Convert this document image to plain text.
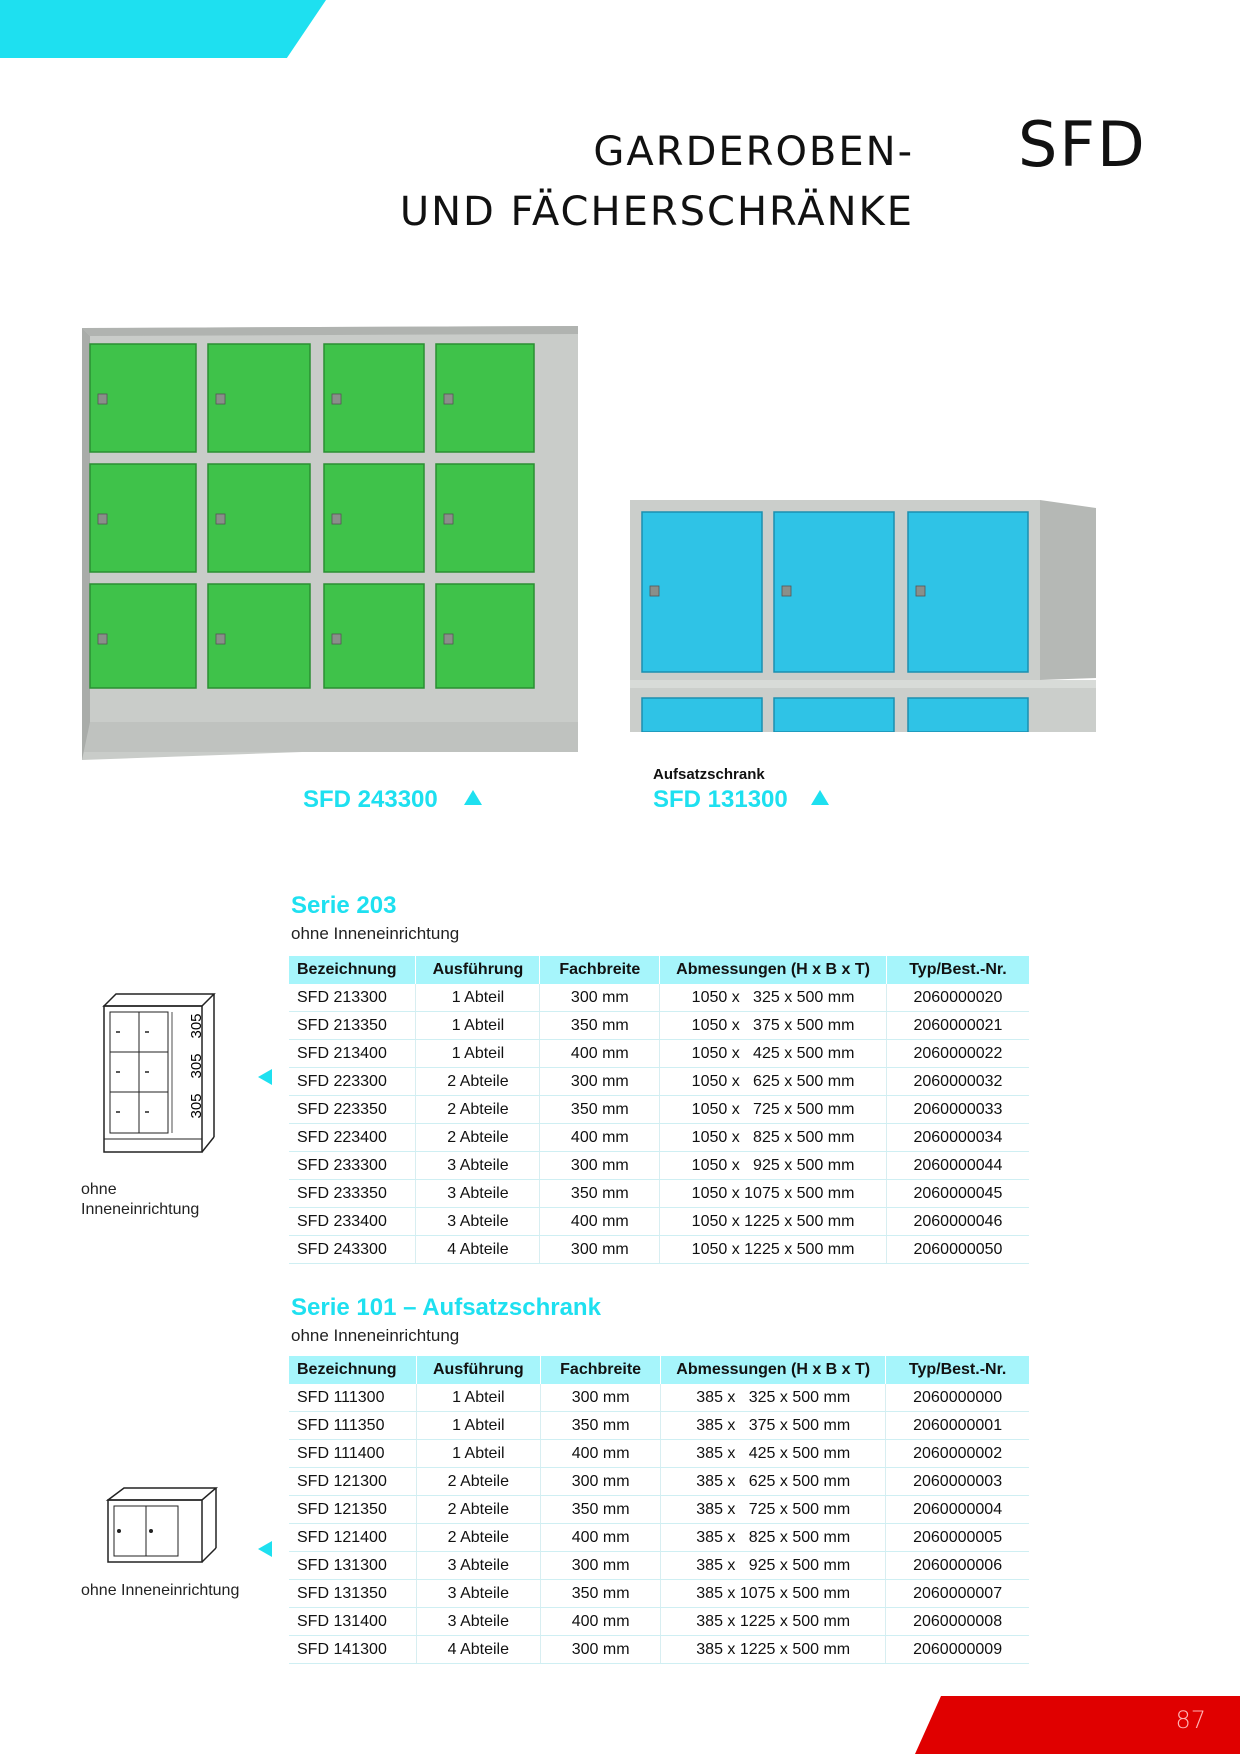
GARDEROBEN-
UND FÄCHERSCHRÄNKE
SFD
SFD 243300
Aufsatzschrank
SFD 131300
Serie 203
ohne Inneneinrichtung
305
305
305
ohne
Inneneinrichtung
Bezeichnung	Ausführung	Fachbreite	Abmessungen (H x B x T)	Typ/Best.-Nr.
SFD 213300	1 Abteil	300 mm	1050 x   325 x 500 mm	2060000020
SFD 213350	1 Abteil	350 mm	1050 x   375 x 500 mm	2060000021
SFD 213400	1 Abteil	400 mm	1050 x   425 x 500 mm	2060000022
SFD 223300	2 Abteile	300 mm	1050 x   625 x 500 mm	2060000032
SFD 223350	2 Abteile	350 mm	1050 x   725 x 500 mm	2060000033
SFD 223400	2 Abteile	400 mm	1050 x   825 x 500 mm	2060000034
SFD 233300	3 Abteile	300 mm	1050 x   925 x 500 mm	2060000044
SFD 233350	3 Abteile	350 mm	1050 x 1075 x 500 mm	2060000045
SFD 233400	3 Abteile	400 mm	1050 x 1225 x 500 mm	2060000046
SFD 243300	4 Abteile	300 mm	1050 x 1225 x 500 mm	2060000050
Serie 101 – Aufsatzschrank
ohne Inneneinrichtung
ohne Inneneinrichtung
Bezeichnung	Ausführung	Fachbreite	Abmessungen (H x B x T)	Typ/Best.-Nr.
SFD 111300	1 Abteil	300 mm	385 x   325 x 500 mm	2060000000
SFD 111350	1 Abteil	350 mm	385 x   375 x 500 mm	2060000001
SFD 111400	1 Abteil	400 mm	385 x   425 x 500 mm	2060000002
SFD 121300	2 Abteile	300 mm	385 x   625 x 500 mm	2060000003
SFD 121350	2 Abteile	350 mm	385 x   725 x 500 mm	2060000004
SFD 121400	2 Abteile	400 mm	385 x   825 x 500 mm	2060000005
SFD 131300	3 Abteile	300 mm	385 x   925 x 500 mm	2060000006
SFD 131350	3 Abteile	350 mm	385 x 1075 x 500 mm	2060000007
SFD 131400	3 Abteile	400 mm	385 x 1225 x 500 mm	2060000008
SFD 141300	4 Abteile	300 mm	385 x 1225 x 500 mm	2060000009
87
